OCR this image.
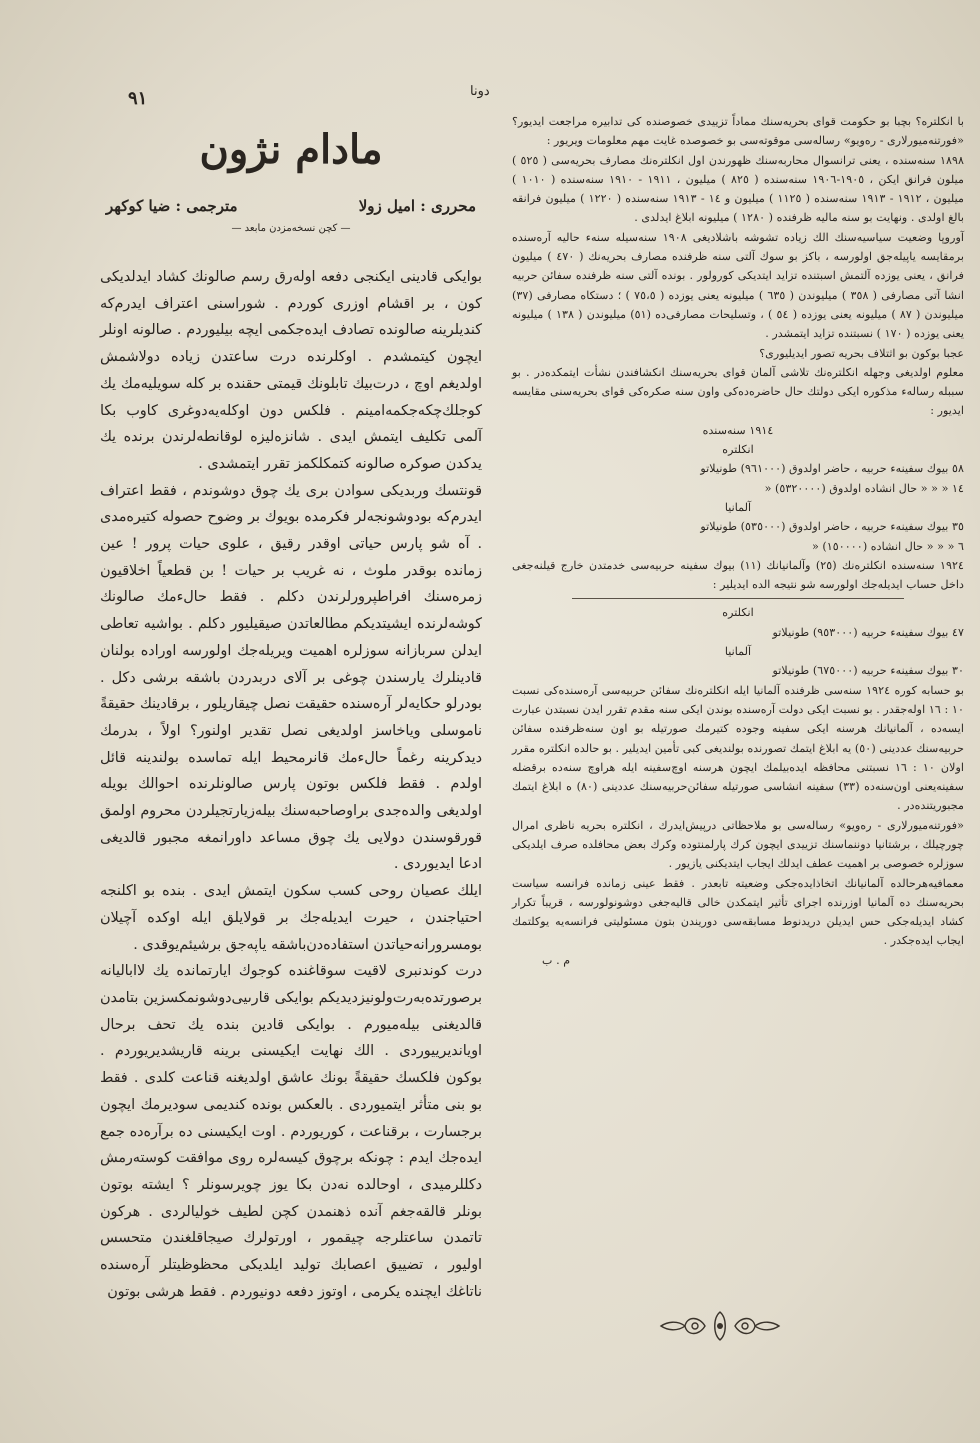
٩١	دونا

با انكلتره؟ بچبا بو حكومت قواى بحريه‌سنك مماداً تزييدى خصوصنده كى تدابيره مراجعت ايديور؟ «فورتنه‌ميورلارى - رەويو» رساله‌سى موقوتەسى بو خصوصده غايت مهم معلومات ويريور :

١٨٩٨ سنه‌سنده ، يعنى ترانسوال محاربه‌سنك ظهورندن اول انكلتره‌نك مصارف بحريه‌سى ( ٥٢٥ ) ميلون فرانق ايكن ، ١٩٠٥-١٩٠٦ سنه‌سنده ( ٨٢٥ ) ميليون ، ١٩١١ - ١٩١٠ سنه‌سنده ( ١٠١٠ ) ميليون ، ١٩١٢ - ١٩١٣ سنه‌سنده ( ١١٢٥ ) ميليون و ١٤ - ١٩١٣ سنه‌سنده ( ١٢٢٠ ) ميليون فرانقه بالغ اولدى . ونهايت بو سنه ماليه ظرفنده ( ١٢٨٠ ) ميليونه ابلاغ ايدلدى .

آوروپا وضعيت سياسيه‌سنك الك زياده تشوشه باشلاديغى ١٩٠٨ سنه‌سيله سنه‌ء حاليه آره‌سنده برمقايسه ياپيله‌جق اولورسه ، باكز بو سوك آلتى سنه ظرفنده مصارف بحريه‌نك ( ٤٧٠ ) ميليون فرانق ، يعنى يوزده آلتمش اسبتنده تزايد ايتديكى كورولور . بونده آلتى سنه ظرفنده سفائن حربيه انشا آتى مصارفى ( ٣٥٨ ) ميليوندن ( ٦٣٥ ) ميليونه يعنى يوزده ( ٧٥،٥ ) ؛ دستكاه مصارفى (٣٧) ميليوندن ( ٨٧ ) ميليونه يعنى يوزده ( ٥٤ ) ، وتسليحات مصارفى‌ده (٥١) ميليوندن ( ١٣٨ ) ميليونه يعنى يوزده ( ١٧٠ ) نسبتنده تزايد ايتمشدر .

عجبا بوكون بو اثتلاف بحريه تصور ايديليورى؟

معلوم اولديغى وجهله انكلتره‌نك تلاشى آلمان قواى بحريه‌سنك انكشافندن نشأت ايتمكده‌در . بو سببله رساله‌ء مذكوره ايكى دولتك حال حاضره‌ده‌كى واون سنه صكره‌كى قواى بحريه‌سنى مقايسه ايديور :

١٩١٤ سنه‌سنده

انكلتره

٥٨ بيوك سفينه‌ء حربيه ، حاضر اولدوق (٩٦١٠٠٠) طونيلاتو

١٤ « « « حال انشاده اولدوق (٥٣٢٠٠٠٠) «

آلمانيا

٣٥ بيوك سفينه‌ء حربيه ، حاضر اولدوق (٥٣٥٠٠٠) طونيلاتو

٦ « « « حال انشاده (١٥٠٠٠٠) «

١٩٢٤ سنه‌سنده انكلتره‌نك (٢٥) وآلمانيانك (١١) بيوك سفينه حربيه‌سى خدمتدن خارج قيلنه‌جغى داخل حساب ايديله‌جك اولورسه شو نتيجه الده ايديلير :

انكلتره

٤٧ بيوك سفينه‌ء حربيه (٩٥٣٠٠٠) طونيلاتو

آلمانيا

٣٠ بيوك سفينه‌ء حربيه (٦٧٥٠٠٠) طونيلاتو

بو حسابه كوره ١٩٢٤ سنه‌سى ظرفنده آلمانيا ايله انكلتره‌نك سفائن حربيه‌سى آره‌سنده‌كى نسبت ١٠ : ١٦ اوله‌جقدر . بو نسبت ايكى دولت آره‌سنده بوندن ايكى سنه مقدم تقرر ايدن نسبتدن عبارت ايسه‌ده ، آلمانيانك هرسنه ايكى سفينه وجوده كتيرمك صورتيله بو اون سنه‌ظرفنده سفائن حربيه‌سنك عددينى (٥٠) يه ابلاغ ايتمك تصورنده بولنديغى كبى تأمين ايديلير . بو حالده انكلتره مقرر اولان ١٠ : ١٦ نسبتنى محافظه ايده‌بيلمك ايچون هرسنه اوچ‌سفينه ايله هراوچ سنه‌ده برقضله سفينه‌يعنى اون‌سنه‌ده (٣٣) سفينه انشاسى صورتيله سفائن‌حربيه‌سنك عددينى (٨٠) ه ابلاغ ايتمك مجبوريتنده‌در .

«فورتنه‌ميورلارى - رەويو» رساله‌سى بو ملاحظاتى درپيش‌ايدرك ، انكلتره بحريه ناظرى امرال چورچيلك ، برشتانيا دوننماسنك تزييدى ايچون كرك پارلمنتوده وكرك بعض محافلده صرف ايلديكى سوزلره خصوصى بر اهميت عطف ايدلك ايجاب ايتديكنى يازيور .

معمافيه‌هرحالده آلمانيانك اتخاذايده‌جكى وضعيته تابعدر . فقط عينى زمانده فرانسه سياست بحريه‌سنك ده آلمانيا اوزرنده اجراى تأثير ايتمكدن خالى قاليه‌جغى دوشونولورسه ، قريباً تكرار كشاد ايديله‌جكى حس ايديلن دريدنوط مسابقه‌سى دوريندن بتون مسئوليتى فرانسه‌يه يوكلتمك ايجاب ايده‌جكدر .

م . ب

مادام نژون
محررى : اميل زولا
مترجمى : ضيا كوكهر
— كچن نسخه‌مزدن مابعد —

بوايكى قادينى ايكنجى دفعه اولەرق رسم صالونك كشاد ايدلديكى كون ، بر اقشام اوزرى كوردم . شوراسنى اعتراف ايدرم‌كه كنديلرينه صالونده تصادف ايده‌جكمى ايچه بيليوردم . صالونه اونلر ايچون كيتمشدم . اوكلرنده درت ساعتدن زياده دولاشمش اولديغم اوچ ، درت‌بيك تابلونك قيمتى حقنده بر كله سويليه‌مك يك كوجلك‌چكه‌جكمه‌امينم . فلكس دون اوكلەيەدوغرى كاوب بكا آلمى تكليف ايتمش ايدى . شانزەليزه لوقانطه‌لرندن برنده يك يدكدن صوكره صالونه كتمكلكمز تقرر ايتمشدى .

قونتسك وربديكى سوادن برى يك چوق دوشوندم ، فقط اعتراف ايدرم‌كه بودوشونجه‌لر فكرمده بويوك بر وضوح حصوله كتيرەمدى . آه شو پارس حياتى اوقدر رقيق ، علوى حيات پرور ! عين زمانده بوقدر ملوث ، نه غريب بر حيات ! بن قطعياً اخلاقيون زمره‌سنك افراطپرورلرندن دكلم . فقط حالءمك صالونك كوشه‌لرنده ايشيتديكم مطالعاتدن صيقيليور دكلم . بواشيه تعاطى ايدلن سرباز‌انه سوزلره اهميت ويريله‌جك اولورسه اوراده بولنان قادينلرك يارسندن چوغى بر آلاى دربدردن باشقه برشى دكل . بودرلو حكايه‌لر آره‌سنده حقيقت نصل چيقاريلور ، برقادينك حقيقةً ناموسلى وياخاسز اولديغى نصل تقدير اولنور؟ اولاً ، بدرمك ديدكرينه رغماً حالءمك قانرمحيط ايله تماسده بولندينه قائل اولدم . فقط فلكس بوتون پارس صالونلرنده احوالك بويله اولديغى والده‌جدى براوصاحبه‌سنك بيله‌زيارتجيلردن محروم اولمق قورقوسندن دولايى يك چوق مساعد داورانمغه مجبور قالديغى ادعا ايديوردى .

ايلك عصيان روحى كسب سكون ايتمش ايدى . بنده بو اكلنجه احتياجندن ، حيرت ايديله‌جك بر قولايلق ايله اوكده آچيلان بومسرور‌انه‌حياتدن استفاده‌دن‌باشقه ياپەجق برشيئم‌يوقدى .

درت كوندنبرى لاقيت سوقاغنده كوجوك ايارتمانده يك لااباليانه برصورتده‌بەرت‌ولونيزديديكم بوايكى قارىيى‌دوشونمكسزين بتامدن قالديغنى بيله‌ميورم . بوايكى قادين بنده يك تحف برحال اويانديرييوردى . الك نهايت ايكيسنى برينه قاريشديريوردم . بوكون فلكسك حقيقةً بونك عاشق اولديغنه قناعت كلدى . فقط بو بنى متأثر ايتميوردى . بالعكس بونده كنديمى سوديرمك ايچون برجسارت ، برقناعت ، كوريوردم . اوت ايكيسنى ده برآرەده جمع ايده‌جك ايدم : چونكه برچوق كيسەلره روى موافقت كوستەرمش دكللرميدى ، اوحالده نەدن بكا يوز چويرسونلر ؟ ايشته بوتون بونلر قالقه‌جغم آنده ذهنمدن كچن لطيف خوليالردى . هركون تاتمدن ساعتلرجه چيقمور ، اورتولرك صيجاقلغندن متحسس اوليور ، تضييق اعصابك توليد ايلديكى محظوظيتلر آره‌سنده ناتاغك ايچنده يكرمى ، اوتوز دفعه دونيوردم . فقط هرشى بوتون
